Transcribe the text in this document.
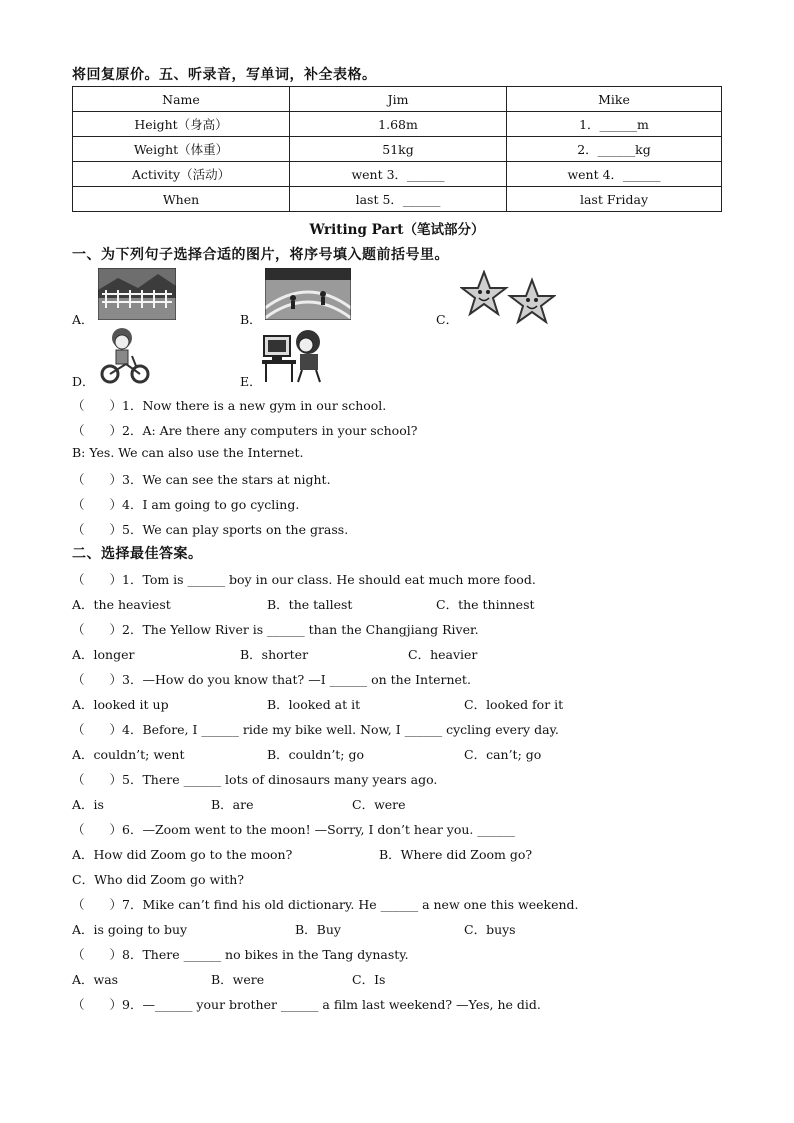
将回复原价。五、听录音，写单词，补全表格。
Name	Jim	Mike
Height（身高）	1.68m	1．______m
Weight（体重）	51kg	2．______kg
Activity（活动）	went 3．______	went 4．______
When	last 5．______	last Friday
Writing Part（笔试部分）
一、为下列句子选择合适的图片，将序号填入题前括号里。
A．	B．	C．
D．	E．
（　　）1．Now there is a new gym in our school.
（　　）2．A: Are there any computers in your school?
B: Yes. We can also use the Internet.
（　　）3．We can see the stars at night.
（　　）4．I am going to go cycling.
（　　）5．We can play sports on the grass.
二、选择最佳答案。
（　　）1．Tom is ______ boy in our class. He should eat much more food.
A．the heaviest	B．the tallest	C．the thinnest
（　　）2．The Yellow River is ______ than the Changjiang River.
A．longer	B．shorter	C．heavier
（　　）3．—How do you know that? —I ______ on the Internet.
A．looked it up	B．looked at it	C．looked for it
（　　）4．Before, I ______ ride my bike well. Now, I ______ cycling every day.
A．couldn’t; went	B．couldn’t; go	C．can’t; go
（　　）5．There ______ lots of dinosaurs many years ago.
A．is	B．are	C．were
（　　）6．—Zoom went to the moon! —Sorry, I don’t hear you. ______
A．How did Zoom go to the moon?	B．Where did Zoom go?
C．Who did Zoom go with?
（　　）7．Mike can’t find his old dictionary. He ______ a new one this weekend.
A．is going to buy	B．Buy	C．buys
（　　）8．There ______ no bikes in the Tang dynasty.
A．was	B．were	C．Is
（　　）9．—______ your brother ______ a film last weekend? —Yes, he did.
